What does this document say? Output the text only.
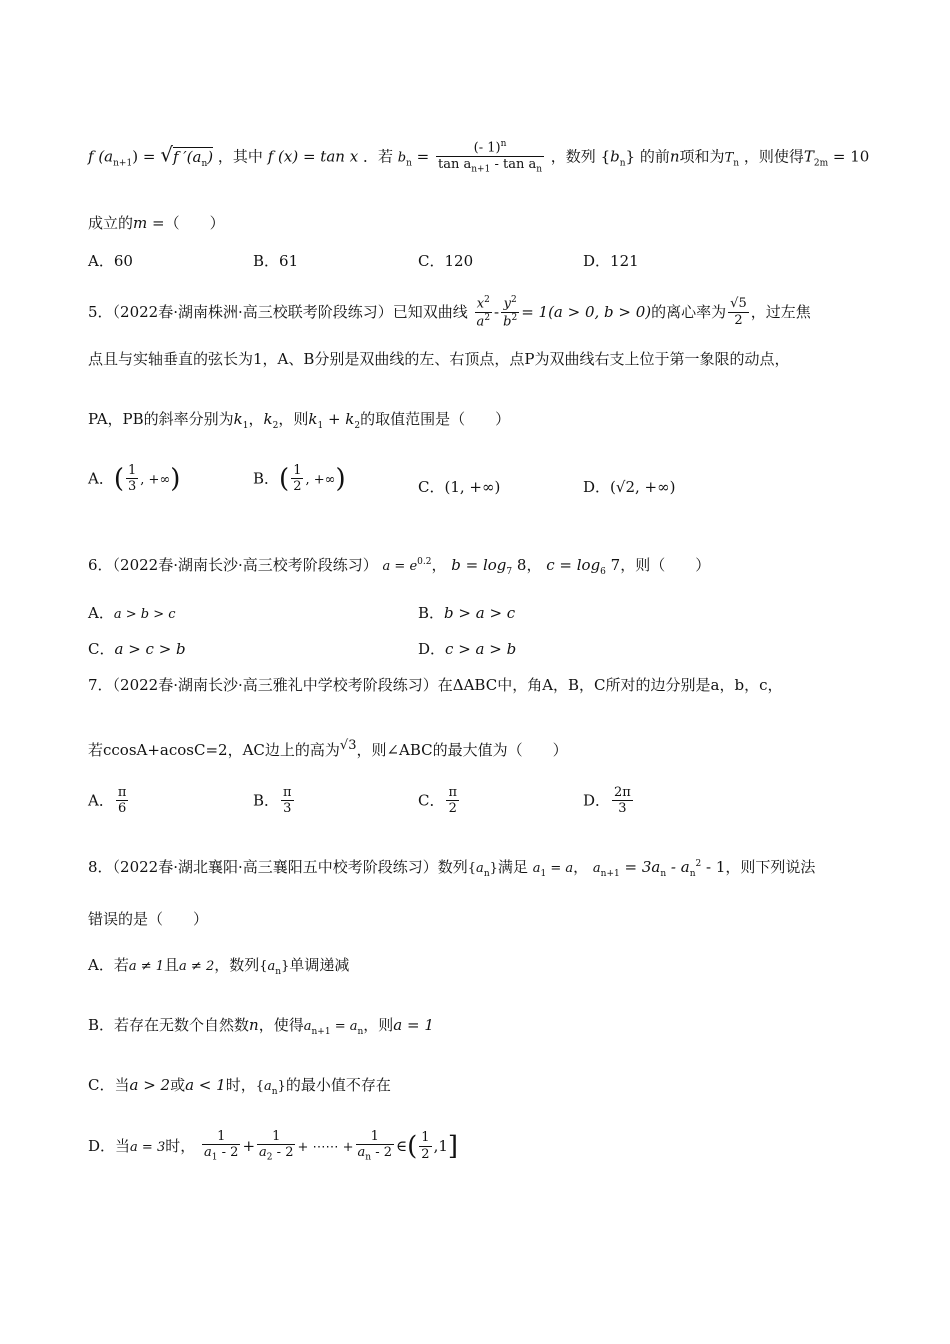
f $(a_{n+1}) = √f$ $'(a_n)$ ，其中 f (x) = tan x ．若 $b_n = \frac{(- 1)^n}{\tan a_{n+1} - \tan a_n}$ ，数列 $\{b_n\}$ 的前n项和为$T_n$ ，则使得$T_{2m} = 10$
成立的m =（　　）
A．60	B．61	C．120	D．121
5．（2022春·湖南株洲·高三校联考阶段练习）已知双曲线 $\frac{x^2}{a^2} - \frac{y^2}{b^2} = 1(a > 0$, b > 0)的离心率为 $\frac{√5}{2}$ ，过左焦
点且与实轴垂直的弦长为1，A、B分别是双曲线的左、右顶点，点P为双曲线右支上位于第一象限的动点，
PA，PB的斜率分别为$k_1$，$k_2$，则$k_1 + k_2$的取值范围是（　　）
A．( $\frac{1}{3}$ , +∞)	B．( $\frac{1}{2}$ , +∞)	C．(1, +∞)	D．(√2, +∞)
6．（2022春·湖南长沙·高三校考阶段练习） $a = e^{0.2}$， $b = \log_7 8$， $c = \log_6 7$，则（　　）
A．a > b > c	B．b > a > c
C．a > c > b	D．c > a > b
7．（2022春·湖南长沙·高三雅礼中学校考阶段练习）在ΔABC中，角A，B，C所对的边分别是a，b，c，
若ccosA+acosC=2，AC边上的高为$^{√3}$，则∠ABC的最大值为（　　）
A． $\frac{\pi}{6}$	B． $\frac{\pi}{3}$	C． $\frac{\pi}{2}$	D． $\frac{2\pi}{3}$
8．（2022春·湖北襄阳·高三襄阳五中校考阶段练习）数列$\{a_n\}$满足 $a_1 = a$， $a_{n+1} = 3a_n - a_n^2 - 1$，则下列说法
错误的是（　　）
A．若a ≠ 1且a ≠ 2，数列$\{a_n\}$单调递减
B．若存在无数个自然数n，使得$a_{n+1} = a_n$，则a = 1
C．当a > 2或a < 1时，$\{a_n\}$的最小值不存在
D．当a = 3时， $\frac{1}{a_1 - 2} + \frac{1}{a_2 - 2}$ + ⋯⋯ + $\frac{1}{a_n - 2}$ ∈( $\frac{1}{2} ,1$]
